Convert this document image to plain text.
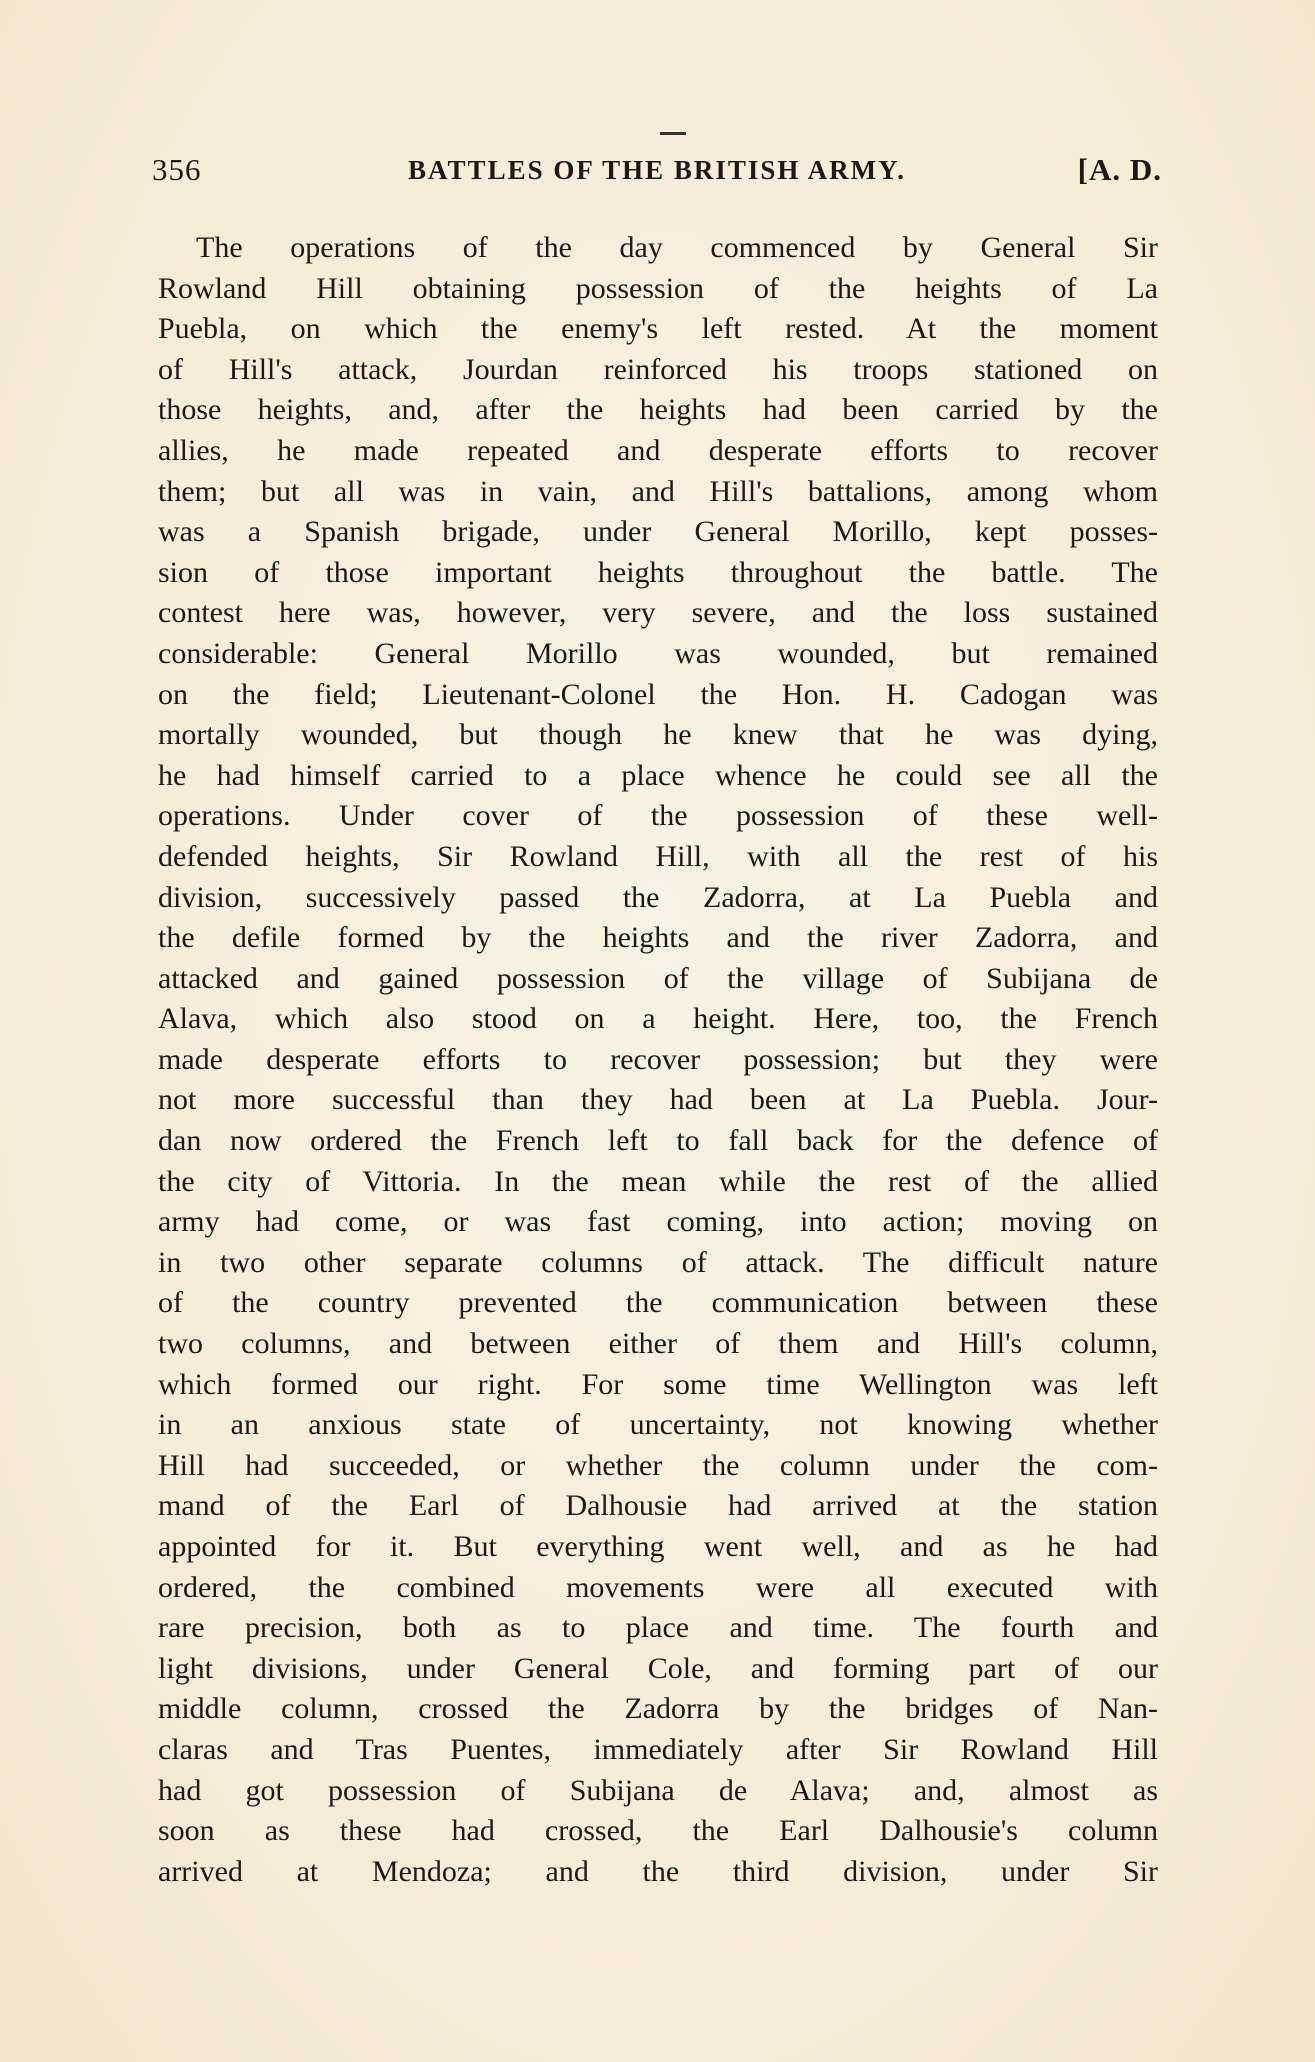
356	BATTLES OF THE BRITISH ARMY.	[A. D.
The operations of the day commenced by General Sir
Rowland Hill obtaining possession of the heights of La
Puebla, on which the enemy's left rested. At the moment
of Hill's attack, Jourdan reinforced his troops stationed on
those heights, and, after the heights had been carried by the
allies, he made repeated and desperate efforts to recover
them; but all was in vain, and Hill's battalions, among whom
was a Spanish brigade, under General Morillo, kept posses-
sion of those important heights throughout the battle. The
contest here was, however, very severe, and the loss sustained
considerable: General Morillo was wounded, but remained
on the field; Lieutenant-Colonel the Hon. H. Cadogan was
mortally wounded, but though he knew that he was dying,
he had himself carried to a place whence he could see all the
operations. Under cover of the possession of these well-
defended heights, Sir Rowland Hill, with all the rest of his
division, successively passed the Zadorra, at La Puebla and
the defile formed by the heights and the river Zadorra, and
attacked and gained possession of the village of Subijana de
Alava, which also stood on a height. Here, too, the French
made desperate efforts to recover possession; but they were
not more successful than they had been at La Puebla. Jour-
dan now ordered the French left to fall back for the defence of
the city of Vittoria. In the mean while the rest of the allied
army had come, or was fast coming, into action; moving on
in two other separate columns of attack. The difficult nature
of the country prevented the communication between these
two columns, and between either of them and Hill's column,
which formed our right. For some time Wellington was left
in an anxious state of uncertainty, not knowing whether
Hill had succeeded, or whether the column under the com-
mand of the Earl of Dalhousie had arrived at the station
appointed for it. But everything went well, and as he had
ordered, the combined movements were all executed with
rare precision, both as to place and time. The fourth and
light divisions, under General Cole, and forming part of our
middle column, crossed the Zadorra by the bridges of Nan-
claras and Tras Puentes, immediately after Sir Rowland Hill
had got possession of Subijana de Alava; and, almost as
soon as these had crossed, the Earl Dalhousie's column
arrived at Mendoza; and the third division, under Sir
